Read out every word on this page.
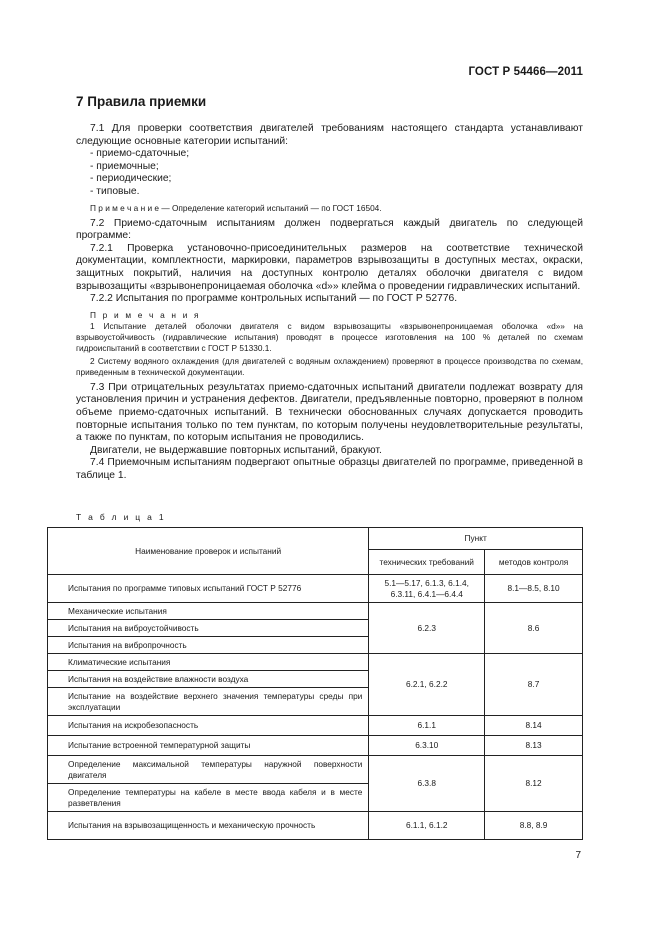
ГОСТ Р 54466—2011
7 Правила приемки

7.1 Для проверки соответствия двигателей требованиям настоящего стандарта устанавливают следующие основные категории испытаний:

- приемо-сдаточные;

- приемочные;

- периодические;

- типовые.

П р и м е ч а н и е — Определение категорий испытаний — по ГОСТ 16504.

7.2 Приемо-сдаточным испытаниям должен подвергаться каждый двигатель по следующей программе:

7.2.1 Проверка установочно-присоединительных размеров на соответствие технической документации, комплектности, маркировки, параметров взрывозащиты в доступных местах, окраски, защитных покрытий, наличия на доступных контролю деталях оболочки двигателя с видом взрывозащиты «взрывонепроницаемая оболочка «d»» клейма о проведении гидравлических испытаний.

7.2.2 Испытания по программе контрольных испытаний — по ГОСТ Р 52776.

П р и м е ч а н и я

1 Испытание деталей оболочки двигателя с видом взрывозащиты «взрывонепроницаемая оболочка «d»» на взрывоустойчивость (гидравлические испытания) проводят в процессе изготовления на 100 % деталей по схемам гидроиспытаний в соответствии с ГОСТ Р 51330.1.

2 Систему водяного охлаждения (для двигателей с водяным охлаждением) проверяют в процессе производства по схемам, приведенным в технической документации.

7.3 При отрицательных результатах приемо-сдаточных испытаний двигатели подлежат возврату для установления причин и устранения дефектов. Двигатели, предъявленные повторно, проверяют в полном объеме приемо-сдаточных испытаний. В технически обоснованных случаях допускается проводить повторные испытания только по тем пунктам, по которым получены неудовлетворительные результаты, а также по пунктам, по которым испытания не проводились.

Двигатели, не выдержавшие повторных испытаний, бракуют.

7.4 Приемочным испытаниям подвергают опытные образцы двигателей по программе, приведенной в таблице 1.

Т а б л и ц а 1
Наименование проверок и испытаний	Пункт	
	технических требований	методов контроля
Испытания по программе типовых испытаний ГОСТ Р 52776	5.1—5.17, 6.1.3, 6.1.4, 6.3.11, 6.4.1—6.4.4	8.1—8.5, 8.10
Механические испытания	6.2.3	8.6
Испытания на виброустойчивость		
Испытания на вибропрочность		
Климатические испытания	6.2.1, 6.2.2	8.7
Испытания на воздействие влажности воздуха		
Испытание на воздействие верхнего значения температуры среды при эксплуатации		
Испытания на искробезопасность	6.1.1	8.14
Испытание встроенной температурной защиты	6.3.10	8.13
Определение максимальной температуры наружной поверхности двигателя	6.3.8	8.12
Определение температуры на кабеле в месте ввода кабеля и в месте разветвления		
Испытания на взрывозащищенность и механическую прочность	6.1.1, 6.1.2	8.8, 8.9
7
